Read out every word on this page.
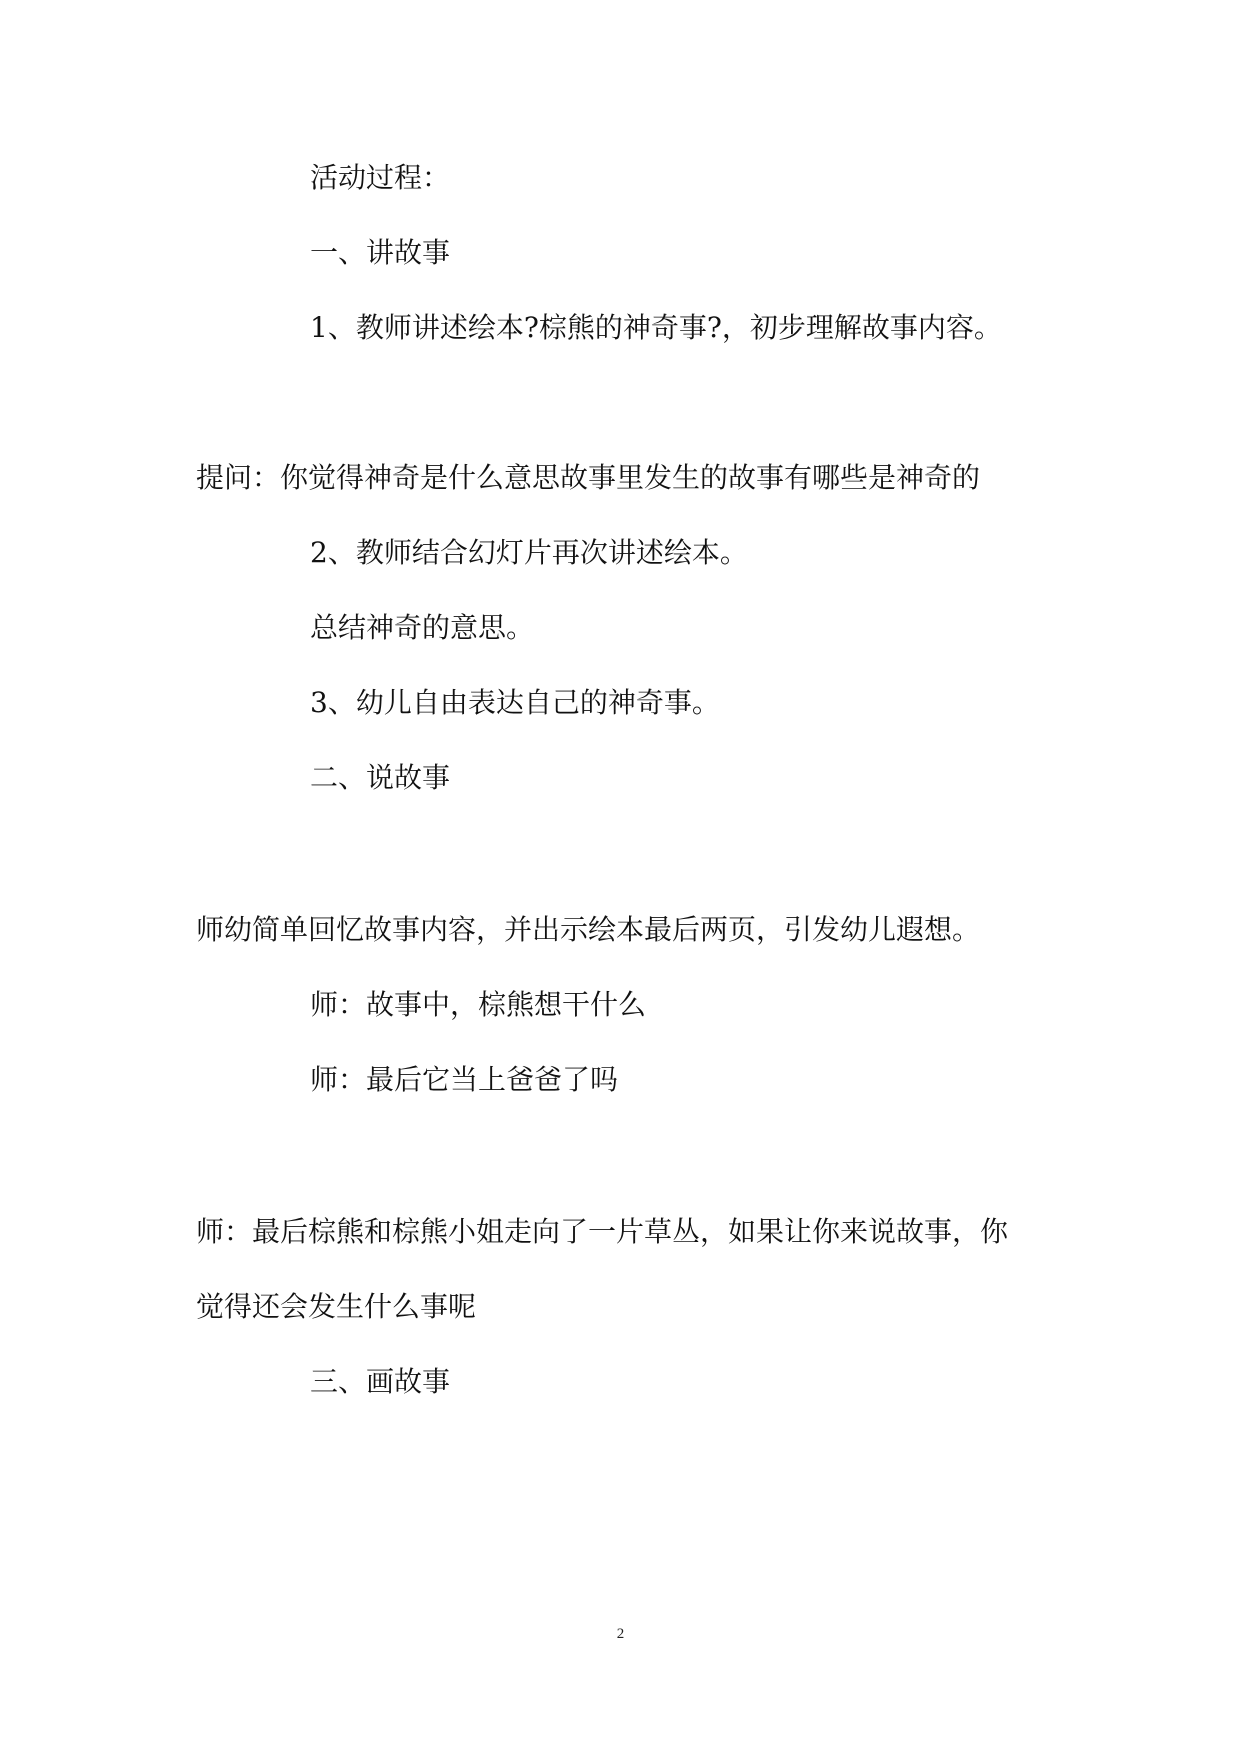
活动过程：
一、讲故事
1、教师讲述绘本?棕熊的神奇事?，初步理解故事内容。
提问：你觉得神奇是什么意思故事里发生的故事有哪些是神奇的
2、教师结合幻灯片再次讲述绘本。
总结神奇的意思。
3、幼儿自由表达自己的神奇事。
二、说故事
师幼简单回忆故事内容，并出示绘本最后两页，引发幼儿遐想。
师：故事中，棕熊想干什么
师：最后它当上爸爸了吗
师：最后棕熊和棕熊小姐走向了一片草丛，如果让你来说故事，你
觉得还会发生什么事呢
三、画故事
2
